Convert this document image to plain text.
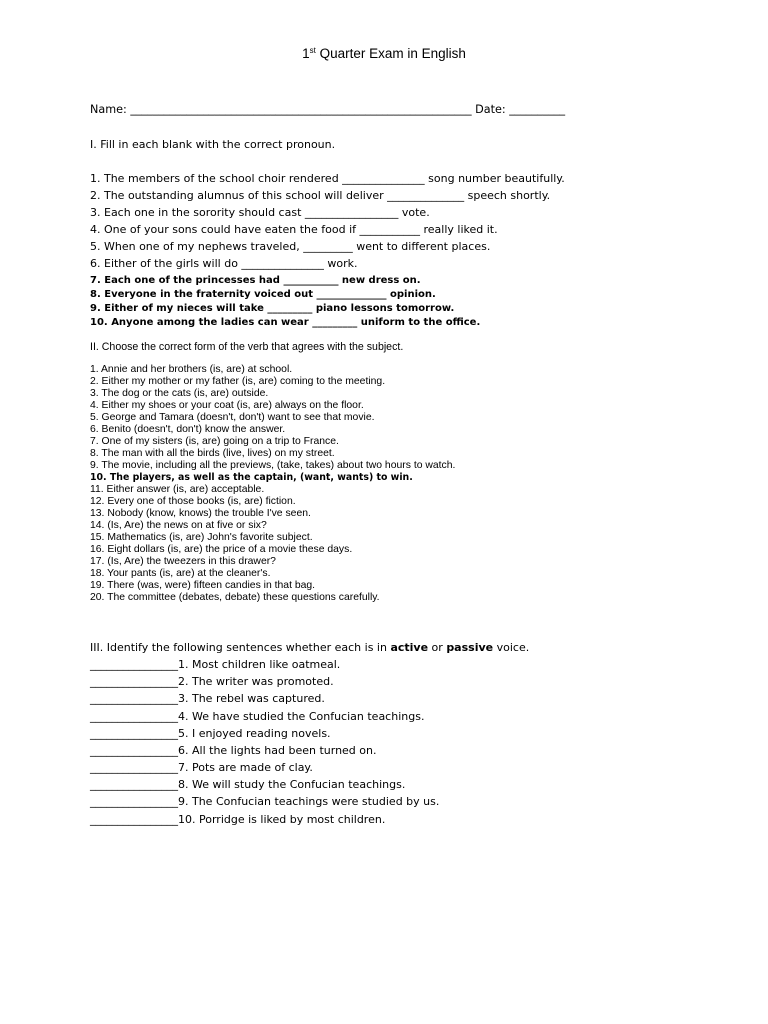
1st Quarter Exam in English
Name: _____________________________________________________________ Date: __________
I. Fill in each blank with the correct pronoun.
1. The members of the school choir rendered _______________ song number beautifully.
2. The outstanding alumnus of this school will deliver ______________ speech shortly.
3. Each one in the sorority should cast _________________ vote.
4. One of your sons could have eaten the food if ___________ really liked it.
5. When one of my nephews traveled, _________ went to different places.
6. Either of the girls will do _______________ work.
7. Each one of the princesses had ___________ new dress on.
8. Everyone in the fraternity voiced out ______________ opinion.
9. Either of my nieces will take _________ piano lessons tomorrow.
10. Anyone among the ladies can wear _________ uniform to the office.
II. Choose the correct form of the verb that agrees with the subject.
1. Annie and her brothers (is, are) at school.
2. Either my mother or my father (is, are) coming to the meeting.
3. The dog or the cats (is, are) outside.
4. Either my shoes or your coat (is, are) always on the floor.
5. George and Tamara (doesn't, don't) want to see that movie.
6. Benito (doesn't, don't) know the answer.
7. One of my sisters (is, are) going on a trip to France.
8. The man with all the birds (live, lives) on my street.
9. The movie, including all the previews, (take, takes) about two hours to watch.
10. The players, as well as the captain, (want, wants) to win.
11. Either answer (is, are) acceptable.
12. Every one of those books (is, are) fiction.
13. Nobody (know, knows) the trouble I've seen.
14. (Is, Are) the news on at five or six?
15. Mathematics (is, are) John's favorite subject.
16. Eight dollars (is, are) the price of a movie these days.
17. (Is, Are) the tweezers in this drawer?
18. Your pants (is, are) at the cleaner's.
19. There (was, were) fifteen candies in that bag.
20. The committee (debates, debate) these questions carefully.
III. Identify the following sentences whether each is in active or passive voice.
________________1. Most children like oatmeal.
________________2. The writer was promoted.
________________3. The rebel was captured.
________________4. We have studied the Confucian teachings.
________________5. I enjoyed reading novels.
________________6. All the lights had been turned on.
________________7. Pots are made of clay.
________________8. We will study the Confucian teachings.
________________9. The Confucian teachings were studied by us.
________________10. Porridge is liked by most children.
